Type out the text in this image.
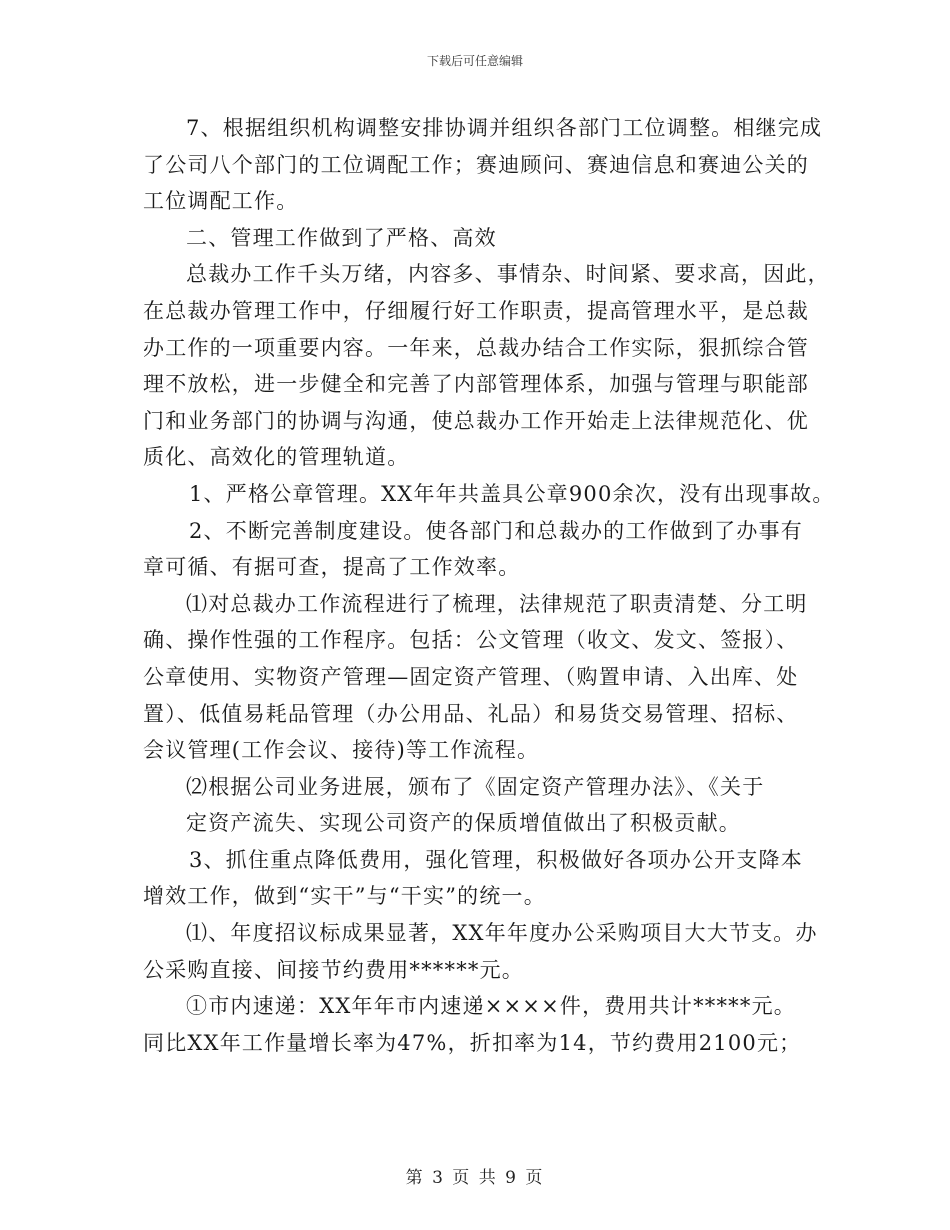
下载后可任意编辑
7、根据组织机构调整安排协调并组织各部门工位调整。相继完成
了公司八个部门的工位调配工作；赛迪顾问、赛迪信息和赛迪公关的
工位调配工作。
二、管理工作做到了严格、高效
总裁办工作千头万绪，内容多、事情杂、时间紧、要求高，因此，
在总裁办管理工作中，仔细履行好工作职责，提高管理水平，是总裁
办工作的一项重要内容。一年来，总裁办结合工作实际，狠抓综合管
理不放松，进一步健全和完善了内部管理体系，加强与管理与职能部
门和业务部门的协调与沟通，使总裁办工作开始走上法律规范化、优
质化、高效化的管理轨道。
1、严格公章管理。XX年年共盖具公章900余次，没有出现事故。
2、不断完善制度建设。使各部门和总裁办的工作做到了办事有
章可循、有据可查，提高了工作效率。
⑴对总裁办工作流程进行了梳理，法律规范了职责清楚、分工明
确、操作性强的工作程序。包括：公文管理（收文、发文、签报）、
公章使用、实物资产管理—固定资产管理、（购置申请、入出库、处
置）、低值易耗品管理（办公用品、礼品）和易货交易管理、招标、
会议管理(工作会议、接待)等工作流程。
⑵根据公司业务进展，颁布了《固定资产管理办法》、《关于
定资产流失、实现公司资产的保质增值做出了积极贡献。
3、抓住重点降低费用，强化管理，积极做好各项办公开支降本
增效工作，做到“实干”与“干实”的统一。
⑴、年度招议标成果显著，XX年年度办公采购项目大大节支。办
公采购直接、间接节约费用******元。
①市内速递：XX年年市内速递××××件，费用共计*****元。
同比XX年工作量增长率为47%，折扣率为14，节约费用2100元；
第 3 页 共 9 页
